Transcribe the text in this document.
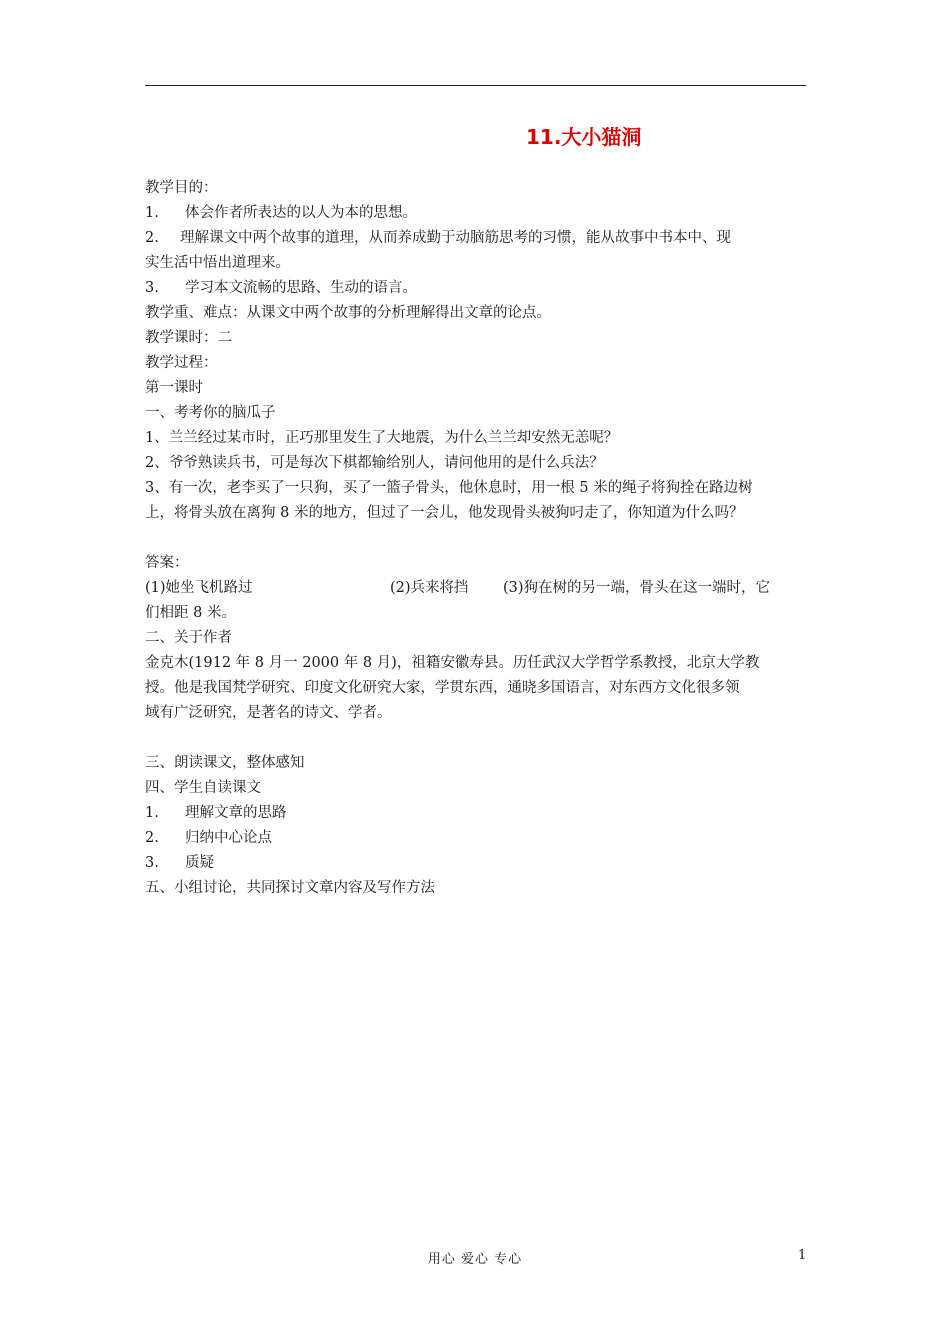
11.大小猫洞
教学目的：
1. 体会作者所表达的以人为本的思想。
2. 理解课文中两个故事的道理，从而养成勤于动脑筋思考的习惯，能从故事中书本中、现
实生活中悟出道理来。
3. 学习本文流畅的思路、生动的语言。
教学重、难点：从课文中两个故事的分析理解得出文章的论点。
教学课时：二
教学过程：
第一课时
一、考考你的脑瓜子
1、兰兰经过某市时，正巧那里发生了大地震，为什么兰兰却安然无恙呢？
2、爷爷熟读兵书，可是每次下棋都输给别人，请问他用的是什么兵法？
3、有一次，老李买了一只狗，买了一篮子骨头，他休息时，用一根 5 米的绳子将狗拴在路边树
上，将骨头放在离狗 8 米的地方，但过了一会儿，他发现骨头被狗叼走了，你知道为什么吗？
答案：
(1)她坐飞机路过	(2)兵来将挡 (3)狗在树的另一端，骨头在这一端时，它
们相距 8 米。
二、关于作者
金克木(1912 年 8 月一 2000 年 8 月)，祖籍安徽寿县。历任武汉大学哲学系教授，北京大学教
授。他是我国梵学研究、印度文化研究大家，学贯东西，通晓多国语言，对东西方文化很多领
域有广泛研究，是著名的诗文、学者。
三、朗读课文，整体感知
四、学生自读课文
1. 理解文章的思路
2. 归纳中心论点
3. 质疑
五、小组讨论，共同探讨文章内容及写作方法
用心 爱心 专心	1
